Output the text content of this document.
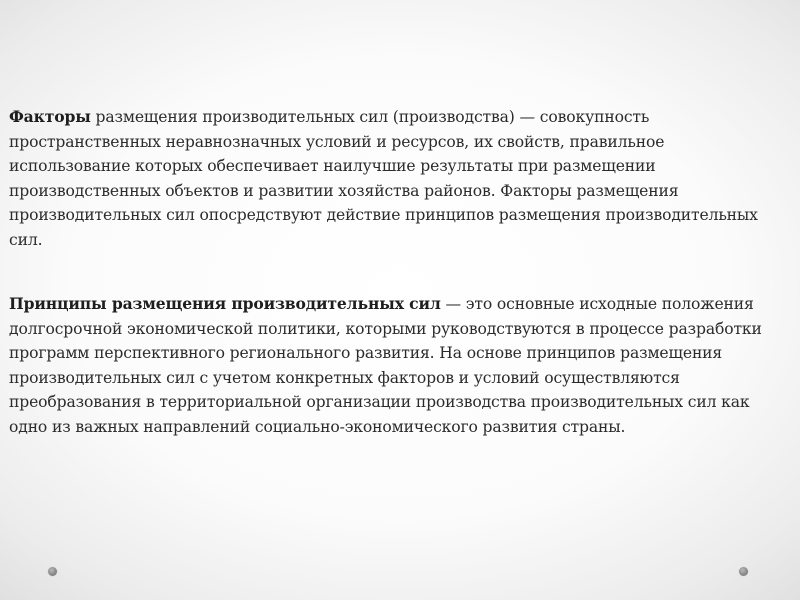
Факторы размещения производительных сил (производства) — совокупность пространственных неравнозначных условий и ресурсов, их свойств, правильное использование которых обеспечивает наилучшие результаты при размещении производственных объектов и развитии хозяйства районов. Факторы размещения производительных сил опосредствуют действие принципов размещения производительных сил.

Принципы размещения производительных сил — это основные исходные положения долгосрочной экономической политики, которыми руководствуются в процессе разработки программ перспективного регионального развития. На основе принципов размещения производительных сил с учетом конкретных факторов и условий осуществляются преобразования в территориальной организации производства производительных сил как одно из важных направлений социально-экономического развития страны.
